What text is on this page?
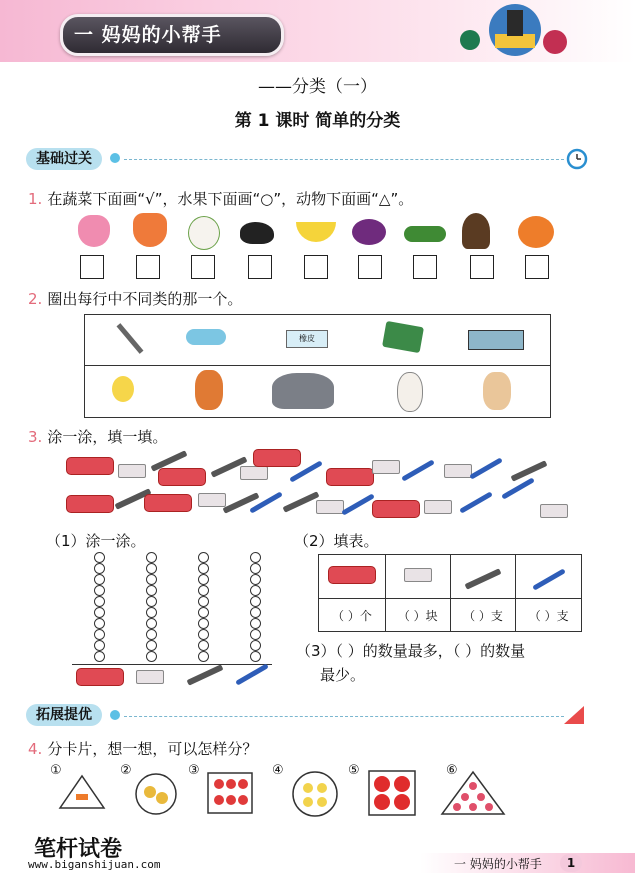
一 妈妈的小帮手
——分类（一）
第 1 课时 简单的分类
基础过关
1. 在蔬菜下面画“√”，水果下面画“○”，动物下面画“△”。
2. 圈出每行中不同类的那一个。
橡皮
3. 涂一涂，填一填。
（1）涂一涂。	（2）填表。

（ ）个	（ ）块	（ ）支	（ ）支
（3）（ ）的数量最多，（ ）的数量
最少。
拓展提优
4. 分卡片，想一想，可以怎样分？
①	②	③	④	⑤	⑥
笔杆试卷
www.biganshijuan.com	一 妈妈的小帮手	1
